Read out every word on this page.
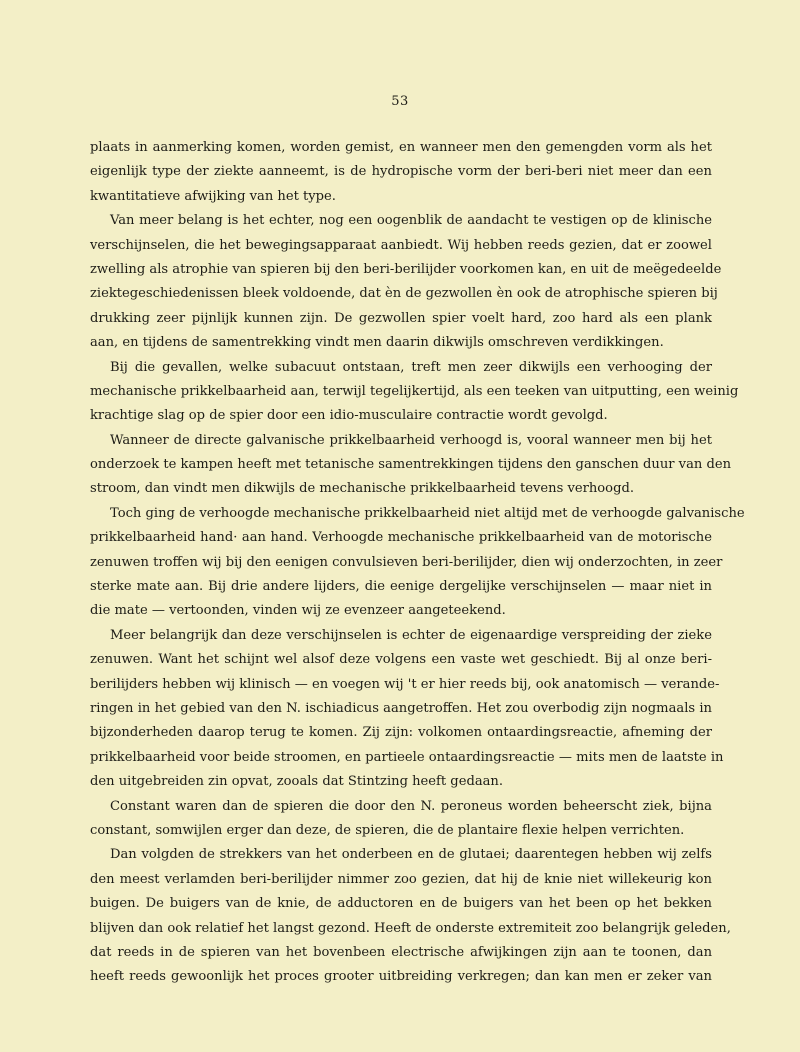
53
plaats in aanmerking komen, worden gemist, en wanneer men den gemengden vorm als het
eigenlijk type der ziekte aanneemt, is de hydropische vorm der beri-beri niet meer dan een
kwantitatieve afwijking van het type.
Van meer belang is het echter, nog een oogenblik de aandacht te vestigen op de klinische
verschijnselen, die het bewegingsapparaat aanbiedt. Wij hebben reeds gezien, dat er zoowel
zwelling als atrophie van spieren bij den beri-berilijder voorkomen kan, en uit de meëgedeelde
ziektegeschiedenissen bleek voldoende, dat èn de gezwollen èn ook de atrophische spieren bij
drukking zeer pijnlijk kunnen zijn. De gezwollen spier voelt hard, zoo hard als een plank
aan, en tijdens de samentrekking vindt men daarin dikwijls omschreven verdikkingen.
Bij die gevallen, welke subacuut ontstaan, treft men zeer dikwijls een verhooging der
mechanische prikkelbaarheid aan, terwijl tegelijkertijd, als een teeken van uitputting, een weinig
krachtige slag op de spier door een idio-musculaire contractie wordt gevolgd.
Wanneer de directe galvanische prikkelbaarheid verhoogd is, vooral wanneer men bij het
onderzoek te kampen heeft met tetanische samentrekkingen tijdens den ganschen duur van den
stroom, dan vindt men dikwijls de mechanische prikkelbaarheid tevens verhoogd.
Toch ging de verhoogde mechanische prikkelbaarheid niet altijd met de verhoogde galvanische
prikkelbaarheid hand· aan hand. Verhoogde mechanische prikkelbaarheid van de motorische
zenuwen troffen wij bij den eenigen convulsieven beri-berilijder, dien wij onderzochten, in zeer
sterke mate aan. Bij drie andere lijders, die eenige dergelijke verschijnselen — maar niet in
die mate — vertoonden, vinden wij ze evenzeer aangeteekend.
Meer belangrijk dan deze verschijnselen is echter de eigenaardige verspreiding der zieke
zenuwen. Want het schijnt wel alsof deze volgens een vaste wet geschiedt. Bij al onze beri-
berilijders hebben wij klinisch — en voegen wij 't er hier reeds bij, ook anatomisch — verande-
ringen in het gebied van den N. ischiadicus aangetroffen. Het zou overbodig zijn nogmaals in
bijzonderheden daarop terug te komen. Zij zijn: volkomen ontaardingsreactie, afneming der
prikkelbaarheid voor beide stroomen, en partieele ontaardingsreactie — mits men de laatste in
den uitgebreiden zin opvat, zooals dat Stintzing heeft gedaan.
Constant waren dan de spieren die door den N. peroneus worden beheerscht ziek, bijna
constant, somwijlen erger dan deze, de spieren, die de plantaire flexie helpen verrichten.
Dan volgden de strekkers van het onderbeen en de glutaei; daarentegen hebben wij zelfs
den meest verlamden beri-berilijder nimmer zoo gezien, dat hij de knie niet willekeurig kon
buigen. De buigers van de knie, de adductoren en de buigers van het been op het bekken
blijven dan ook relatief het langst gezond. Heeft de onderste extremiteit zoo belangrijk geleden,
dat reeds in de spieren van het bovenbeen electrische afwijkingen zijn aan te toonen, dan
heeft reeds gewoonlijk het proces grooter uitbreiding verkregen; dan kan men er zeker van
